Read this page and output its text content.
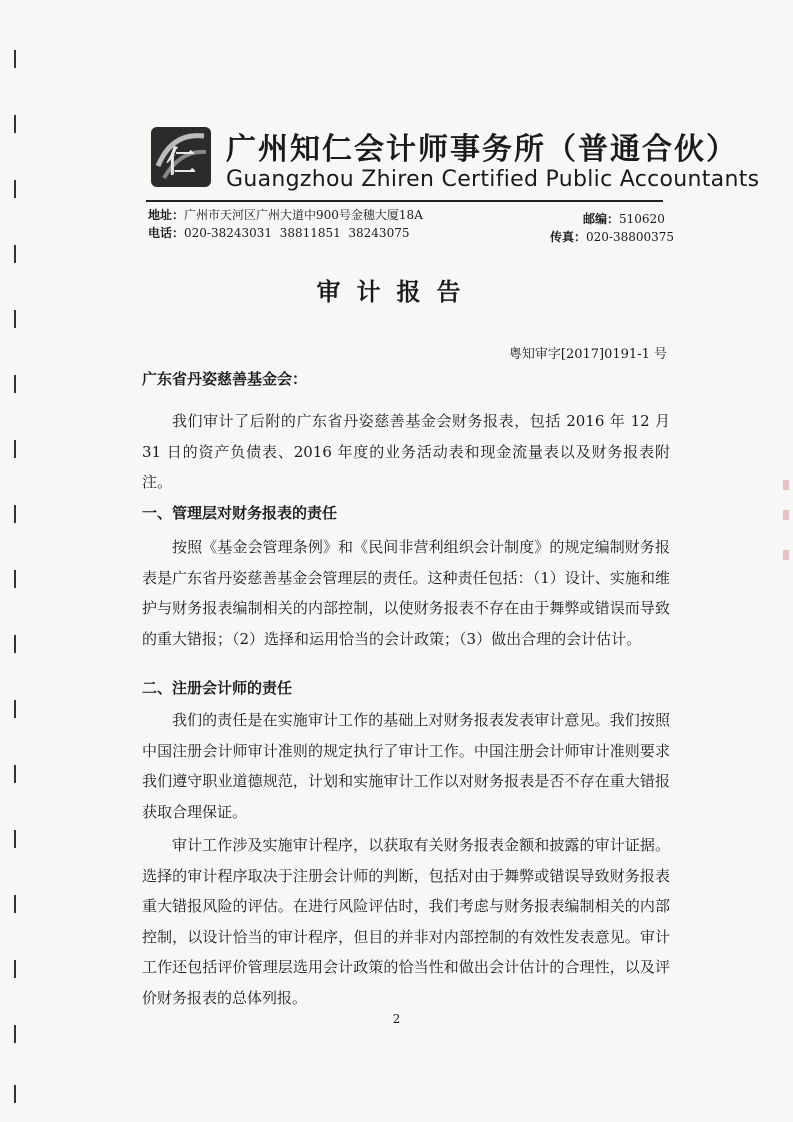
仁 广州知仁会计师事务所（普通合伙）
Guangzhou Zhiren Certified Public Accountants
地址：广州市天河区广州大道中900号金穗大厦18A	邮编：510620
电话：020-38243031  38811851  38243075	传真：020-38800375
审计报告
粤知审字[2017]0191-1 号
广东省丹姿慈善基金会：

我们审计了后附的广东省丹姿慈善基金会财务报表，包括 2016 年 12 月 31 日的资产负债表、2016 年度的业务活动表和现金流量表以及财务报表附注。

一、管理层对财务报表的责任

按照《基金会管理条例》和《民间非营利组织会计制度》的规定编制财务报表是广东省丹姿慈善基金会管理层的责任。这种责任包括：（1）设计、实施和维护与财务报表编制相关的内部控制，以使财务报表不存在由于舞弊或错误而导致的重大错报；（2）选择和运用恰当的会计政策；（3）做出合理的会计估计。

二、注册会计师的责任

我们的责任是在实施审计工作的基础上对财务报表发表审计意见。我们按照中国注册会计师审计准则的规定执行了审计工作。中国注册会计师审计准则要求我们遵守职业道德规范，计划和实施审计工作以对财务报表是否不存在重大错报获取合理保证。

审计工作涉及实施审计程序，以获取有关财务报表金额和披露的审计证据。选择的审计程序取决于注册会计师的判断，包括对由于舞弊或错误导致财务报表重大错报风险的评估。在进行风险评估时，我们考虑与财务报表编制相关的内部控制，以设计恰当的审计程序，但目的并非对内部控制的有效性发表意见。审计工作还包括评价管理层选用会计政策的恰当性和做出会计估计的合理性，以及评价财务报表的总体列报。

2
